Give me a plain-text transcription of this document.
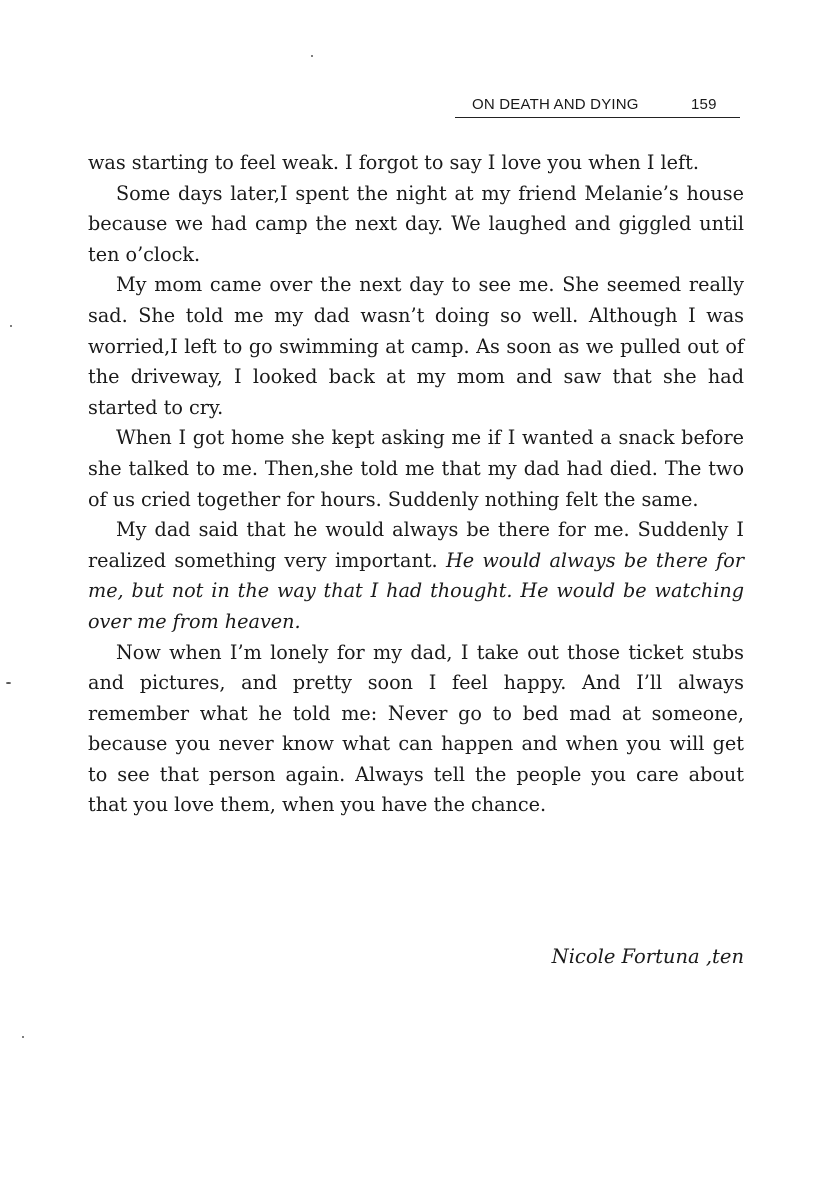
ON DEATH AND DYING	159

was starting to feel weak. I forgot to say I love you when I left.

Some days later,I spent the night at my friend Melanie’s house because we had camp the next day. We laughed and giggled until ten o’clock.

My mom came over the next day to see me. She seemed really sad. She told me my dad wasn’t doing so well. Although I was worried,I left to go swimming at camp. As soon as we pulled out of the driveway, I looked back at my mom and saw that she had started to cry.

When I got home she kept asking me if I wanted a snack before she talked to me. Then,she told me that my dad had died. The two of us cried together for hours. Suddenly nothing felt the same.

My dad said that he would always be there for me. Suddenly I realized something very important. He would always be there for me, but not in the way that I had thought. He would be watching over me from heaven.

Now when I’m lonely for my dad, I take out those ticket stubs and pictures, and pretty soon I feel happy. And I’ll always remember what he told me: Never go to bed mad at someone, because you never know what can happen and when you will get to see that person again. Always tell the people you care about that you love them, when you have the chance.

Nicole Fortuna ,ten
